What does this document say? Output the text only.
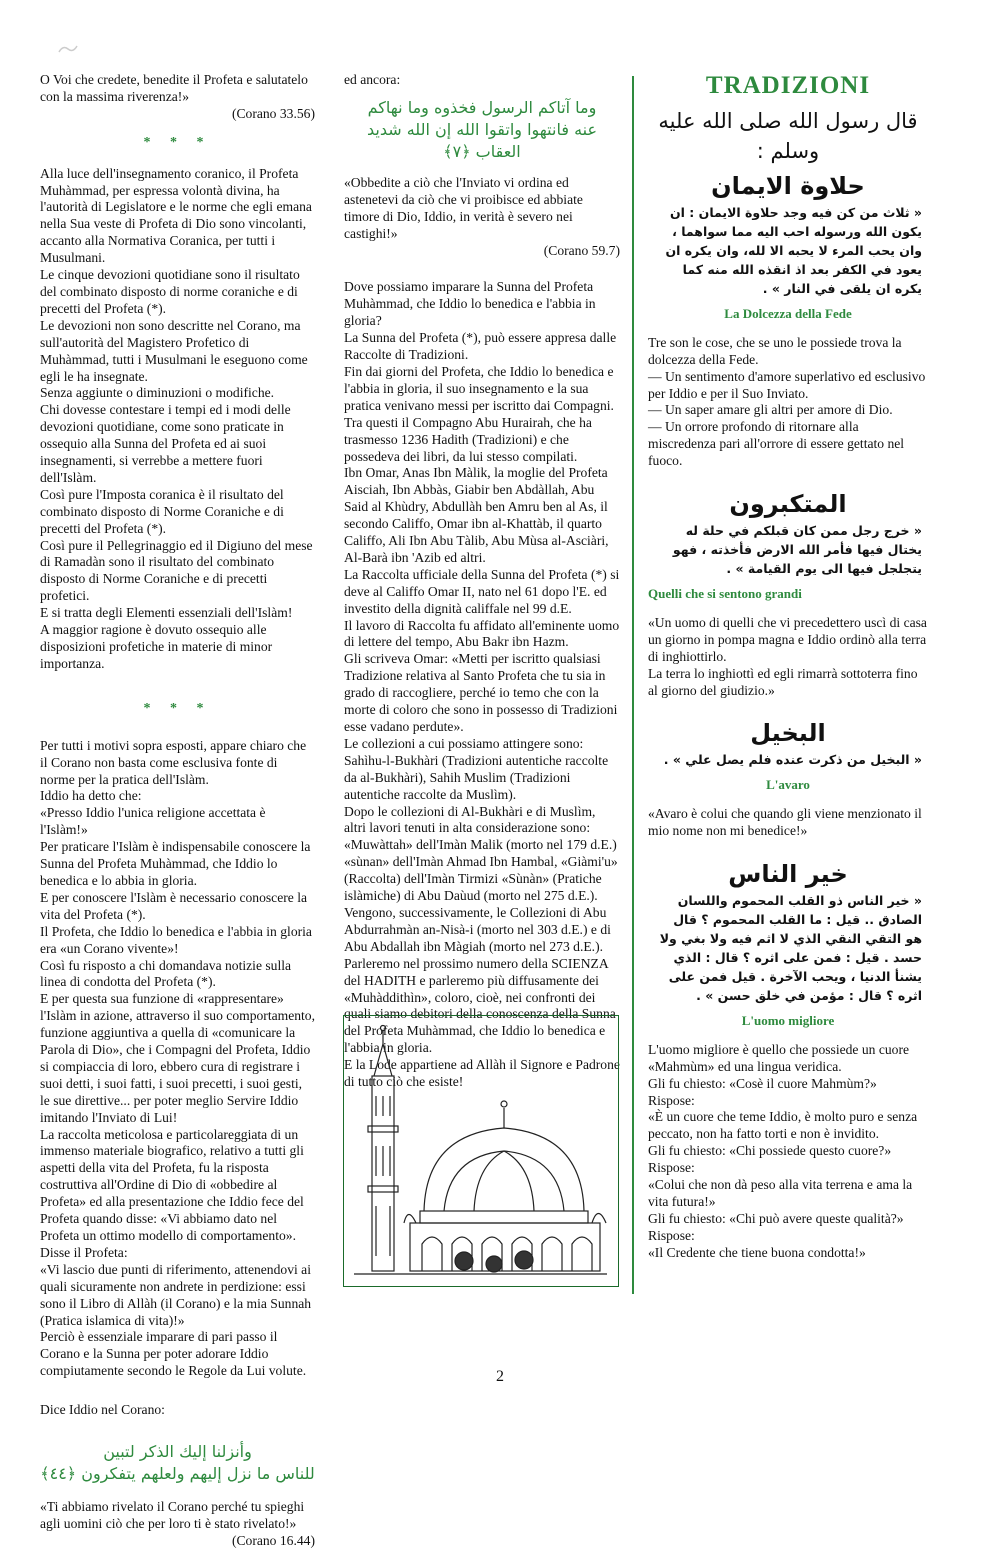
O Voi che credete, benedite il Profeta e salutatelo con la massima riverenza!»

(Corano 33.56)

* * *

Alla luce dell'insegnamento coranico, il Profeta Muhàmmad, per espressa volontà divina, ha l'autorità di Legislatore e le norme che egli emana nella Sua veste di Profeta di Dio sono vincolanti, accanto alla Normativa Coranica, per tutti i Musulmani.

Le cinque devozioni quotidiane sono il risultato del combinato disposto di norme coraniche e di precetti del Profeta (*).

Le devozioni non sono descritte nel Corano, ma sull'autorità del Magistero Profetico di Muhàmmad, tutti i Musulmani le eseguono come egli le ha insegnate.

Senza aggiunte o diminuzioni o modifiche.

Chi dovesse contestare i tempi ed i modi delle devozioni quotidiane, come sono praticate in ossequio alla Sunna del Profeta ed ai suoi insegnamenti, si verrebbe a mettere fuori dell'Islàm.

Così pure l'Imposta coranica è il risultato del combinato disposto di Norme Coraniche e di precetti del Profeta (*).

Così pure il Pellegrinaggio ed il Digiuno del mese di Ramadàn sono il risultato del combinato disposto di Norme Coraniche e di precetti profetici.

E si tratta degli Elementi essenziali dell'Islàm!

A maggior ragione è dovuto ossequio alle disposizioni profetiche in materie di minor importanza.

* * *

Per tutti i motivi sopra esposti, appare chiaro che il Corano non basta come esclusiva fonte di norme per la pratica dell'Islàm.

Iddio ha detto che:

«Presso Iddio l'unica religione accettata è l'Islàm!»

Per praticare l'Islàm è indispensabile conoscere la Sunna del Profeta Muhàmmad, che Iddio lo benedica e lo abbia in gloria.

E per conoscere l'Islàm è necessario conoscere la vita del Profeta (*).

Il Profeta, che Iddio lo benedica e l'abbia in gloria era «un Corano vivente»!

Così fu risposto a chi domandava notizie sulla linea di condotta del Profeta (*).

E per questa sua funzione di «rappresentare» l'Islàm in azione, attraverso il suo comportamento, funzione aggiuntiva a quella di «comunicare la Parola di Dio», che i Compagni del Profeta, Iddio si compiaccia di loro, ebbero cura di registrare i suoi detti, i suoi fatti, i suoi precetti, i suoi gesti, le sue direttive... per poter meglio Servire Iddio imitando l'Inviato di Lui!

La raccolta meticolosa e particolareggiata di un immenso materiale biografico, relativo a tutti gli aspetti della vita del Profeta, fu la risposta costruttiva all'Ordine di Dio di «obbedire al Profeta» ed alla presentazione che Iddio fece del Profeta quando disse: «Vi abbiamo dato nel Profeta un ottimo modello di comportamento».

Disse il Profeta:

«Vi lascio due punti di riferimento, attenendovi ai quali sicuramente non andrete in perdizione: essi sono il Libro di Allàh (il Corano) e la mia Sunnah (Pratica islamica di vita)!»

Perciò è essenziale imparare di pari passo il Corano e la Sunna per poter adorare Iddio compiutamente secondo le Regole da Lui volute.

Dice Iddio nel Corano:

وأنزلنا إليك الذكر لتبين
للناس ما نزل إليهم ولعلهم يتفكرون ﴿٤٤﴾

«Ti abbiamo rivelato il Corano perché tu spieghi agli uomini ciò che per loro ti è stato rivelato!»

(Corano 16.44)

ed ancora:

وما آتاكم الرسول فخذوه وما نهاكم
عنه فانتهوا واتقوا الله إن الله شديد العقاب ﴿٧﴾

«Obbedite a ciò che l'Inviato vi ordina ed astenetevi da ciò che vi proibisce ed abbiate timore di Dio, Iddio, in verità è severo nei castighi!»

(Corano 59.7)

Dove possiamo imparare la Sunna del Profeta Muhàmmad, che Iddio lo benedica e l'abbia in gloria?

La Sunna del Profeta (*), può essere appresa dalle Raccolte di Tradizioni.

Fin dai giorni del Profeta, che Iddio lo benedica e l'abbia in gloria, il suo insegnamento e la sua pratica venivano messi per iscritto dai Compagni.

Tra questi il Compagno Abu Hurairah, che ha trasmesso 1236 Hadith (Tradizioni) e che possedeva dei libri, da lui stesso compilati.

Ibn Omar, Anas Ibn Màlik, la moglie del Profeta Aisciah, Ibn Abbàs, Giabir ben Abdàllah, Abu Said al Khùdry, Abdullàh ben Amru ben al As, il secondo Califfo, Omar ibn al-Khattàb, il quarto Califfo, Ali Ibn Abu Tàlib, Abu Mùsa al-Asciàri, Al-Barà ibn 'Azib ed altri.

La Raccolta ufficiale della Sunna del Profeta (*) si deve al Califfo Omar II, nato nel 61 dopo l'E. ed investito della dignità califfale nel 99 d.E.

Il lavoro di Raccolta fu affidato all'eminente uomo di lettere del tempo, Abu Bakr ibn Hazm.

Gli scriveva Omar: «Metti per iscritto qualsiasi Tradizione relativa al Santo Profeta che tu sia in grado di raccogliere, perché io temo che con la morte di coloro che sono in possesso di Tradizioni esse vadano perdute».

Le collezioni a cui possiamo attingere sono: Sahìhu-l-Bukhàri (Tradizioni autentiche raccolte da al-Bukhàri), Sahih Muslim (Tradizioni autentiche raccolte da Muslìm).

Dopo le collezioni di Al-Bukhàri e di Muslìm, altri lavori tenuti in alta considerazione sono: «Muwàttah» dell'Imàn Malik (morto nel 179 d.E.) «sùnan» dell'Imàn Ahmad Ibn Hambal, «Giàmi'u» (Raccolta) dell'Imàn Tirmizi «Sùnàn» (Pratiche islàmiche) di Abu Daùud (morto nel 275 d.E.).

Vengono, successivamente, le Collezioni di Abu Abdurrahmàn an-Nisà-i (morto nel 303 d.E.) e di Abu Abdallah ibn Màgiah (morto nel 273 d.E.).

Parleremo nel prossimo numero della SCIENZA del HADITH e parleremo più diffusamente dei «Muhàddithìn», coloro, cioè, nei confronti dei quali siamo debitori della conoscenza della Sunna del Profeta Muhàmmad, che Iddio lo benedica e l'abbia in gloria.

E la Lode appartiene ad Allàh il Signore e Padrone di tutto ciò che esiste!

TRADIZIONI
قال رسول الله صلى الله عليه وسلم :
حلاوة الايمان
« ثلاث من كن فيه وجد حلاوة الايمان : ان يكون الله ورسوله احب اليه مما سواهما ، وان يحب المرء لا يحبه الا لله، وان يكره ان يعود في الكفر بعد اذ انقذه الله منه كما يكره ان يلقى في النار » .
La Dolcezza della Fede

Tre son le cose, che se uno le possiede trova la dolcezza della Fede.

— Un sentimento d'amore superlativo ed esclusivo per Iddio e per il Suo Inviato.

— Un saper amare gli altri per amore di Dio.

— Un orrore profondo di ritornare alla miscredenza pari all'orrore di essere gettato nel fuoco.

المتكبرون
« خرج رجل ممن كان قبلكم في حلة له يختال فيها فأمر الله الارض فأخذته ، فهو يتجلجل فيها الى يوم القيامة » .
Quelli che si sentono grandi

«Un uomo di quelli che vi precedettero uscì di casa un giorno in pompa magna e Iddio ordinò alla terra di inghiottirlo.

La terra lo inghiottì ed egli rimarrà sottoterra fino al giorno del giudizio.»

البخيل
« البخيل من ذكرت عنده فلم يصل علي » .
L'avaro

«Avaro è colui che quando gli viene menzionato il mio nome non mi benedice!»

خير الناس
« خير الناس ذو القلب المحموم واللسان الصادق .. قيل : ما القلب المحموم ؟ قال هو التقي النقي الذي لا اثم فيه ولا بغي ولا حسد . قيل : فمن على اثره ؟ قال : الذي يشنأ الدنيا ، ويحب الآخرة . قيل فمن على اثره ؟ قال : مؤمن في خلق حسن » .
L'uomo migliore

L'uomo migliore è quello che possiede un cuore «Mahmùm» ed una lingua veridica.

Gli fu chiesto: «Cosè il cuore Mahmùm?»

Rispose:

«È un cuore che teme Iddio, è molto puro e senza peccato, non ha fatto torti e non è invidito.

Gli fu chiesto: «Chi possiede questo cuore?»

Rispose:

«Colui che non dà peso alla vita terrena e ama la vita futura!»

Gli fu chiesto: «Chi può avere queste qualità?»

Rispose:

«Il Credente che tiene buona condotta!»

2
